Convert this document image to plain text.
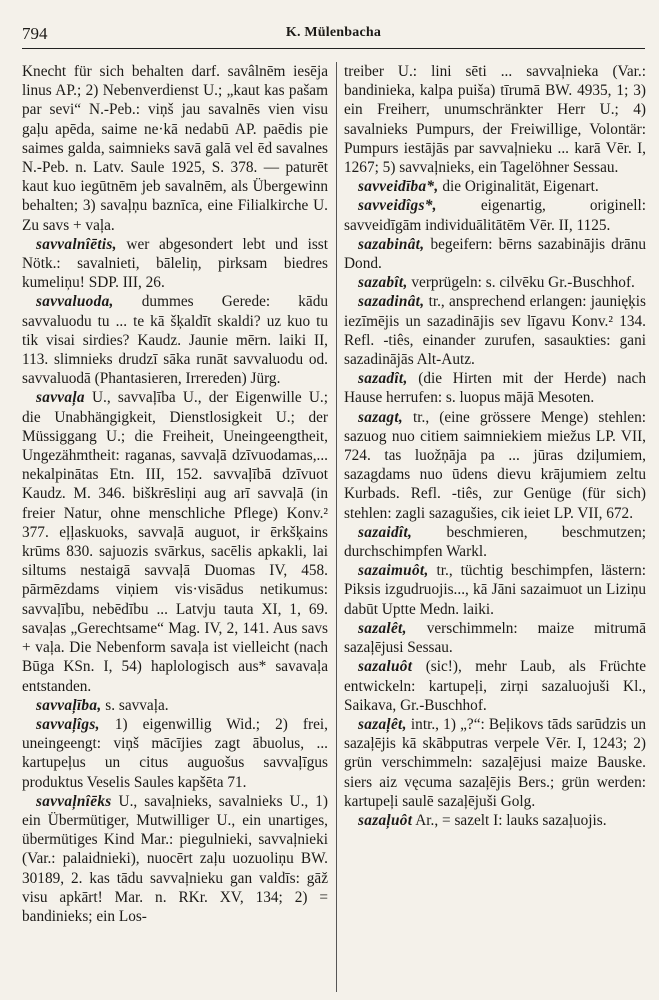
794	K. Mülenbacha

Knecht für sich behalten darf. savâlnēm iesēja linus AP.; 2) Nebenverdienst U.; „kaut kas pašam par sevi“ N.-Peb.: viņš jau savalnēs vien visu gaļu apēda, saime ne·kā nedabū AP. paēdis pie saimes galda, saimnieks savā galā vel ēd savalnes N.-Peb. n. Latv. Saule 1925, S. 378. — paturēt kaut kuo iegūtnēm jeb savalnēm, als Übergewinn behalten; 3) savaļņu baznīca, eine Filialkirche U. Zu savs + vaļa.

savvalnîētis, wer abgesondert lebt und isst Nötk.: savalnieti, bāleliņ, pirksam biedres kumeliņu! SDP. III, 26.

savvaluoda, dummes Gerede: kādu savvaluodu tu ... te kā šķaldīt skaldi? uz kuo tu tik visai sirdies? Kaudz. Jaunie mērn. laiki II, 113. slimnieks drudzī sāka runāt savvaluodu od. savvaluodā (Phantasieren, Irrereden) Jürg.

savvaļa U., savvaļība U., der Eigenwille U.; die Unabhängigkeit, Dienstlosigkeit U.; der Müssiggang U.; die Freiheit, Uneingeengtheit, Ungezähmtheit: raganas, savvaļā dzīvuodamas,... nekalpinātas Etn. III, 152. savvaļībā dzīvuot Kaudz. M. 346. biškrēsliņi aug arī savvaļā (in freier Natur, ohne menschliche Pflege) Konv.² 377. eļļaskuoks, savvaļā auguot, ir ērkšķains krūms 830. sajuozis svārkus, sacēlis apkakli, lai siltums nestaigā savvaļā Duomas IV, 458. pārmēzdams viņiem vis·visādus netikumus: savvaļību, nebēdību ... Latvju tauta XI, 1, 69. savaļas „Gerechtsame“ Mag. IV, 2, 141. Aus savs + vaļa. Die Nebenform savaļa ist vielleicht (nach Būga KSn. I, 54) haplologisch aus* savavaļa entstanden.

savvaļība, s. savvaļa.

savvaļîgs, 1) eigenwillig Wid.; 2) frei, uneingeengt: viņš mācījies zagt ābuolus, ... kartupeļus un citus auguošus savvaļīgus produktus Veselis Saules kapšēta 71.

savvaļnîēks U., savaļnieks, savalnieks U., 1) ein Übermütiger, Mutwilliger U., ein unartiges, übermütiges Kind Mar.: piegulnieki, savvaļnieki (Var.: palaidnieki), nuocērt zaļu uozuoliņu BW. 30189, 2. kas tādu savvaļnieku gan valdīs: gāž visu apkārt! Mar. n. RKr. XV, 134; 2) = bandinieks; ein Los-

treiber U.: lini sēti ... savvaļnieka (Var.: bandinieka, kalpa puiša) tīrumā BW. 4935, 1; 3) ein Freiherr, unumschränkter Herr U.; 4) savalnieks Pumpurs, der Freiwillige, Volontär: Pumpurs iestājās par savvaļnieku ... karā Vēr. I, 1267; 5) savvaļnieks, ein Tagelöhner Sessau.

savveidība*, die Originalität, Eigenart.

savveidîgs*, eigenartig, originell: savveidīgām individuālitātēm Vēr. II, 1125.

sazabinât, begeifern: bērns sazabinājis drānu Dond.

sazabît, verprügeln: s. cilvēku Gr.-Buschhof.

sazadinât, tr., ansprechend erlangen: jaunięķis iezīmējis un sazadinājis sev līgavu Konv.² 134. Refl. -tiês, einander zurufen, sasaukties: gani sazadinājās Alt-Autz.

sazadît, (die Hirten mit der Herde) nach Hause herrufen: s. luopus mājā Mesoten.

sazagt, tr., (eine grössere Menge) stehlen: sazuog nuo citiem saimniekiem miežus LP. VII, 724. tas luožņāja pa ... jūras dziļumiem, sazagdams nuo ūdens dievu krājumiem zeltu Kurbads. Refl. -tiês, zur Genüge (für sich) stehlen: zagli sazagušies, cik ieiet LP. VII, 672.

sazaidît, beschmieren, beschmutzen; durchschimpfen Warkl.

sazaimuôt, tr., tüchtig beschimpfen, lästern: Piksis izgudruojis..., kā Jāni sazaimuot un Liziņu dabūt Uptte Medn. laiki.

sazalêt, verschimmeln: maize mitrumā sazaļējusi Sessau.

sazaluôt (sic!), mehr Laub, als Früchte entwickeln: kartupeļi, zirņi sazaluojuši Kl., Saikava, Gr.-Buschhof.

sazaļêt, intr., 1) „?“: Beļikovs tāds sarūdzis un sazaļējis kā skābputras verpele Vēr. I, 1243; 2) grün verschimmeln: sazaļējusi maize Bauske. siers aiz vęcuma sazaļējis Bers.; grün werden: kartupeļi saulē sazaļējuši Golg.

sazaļuôt Ar., = sazelt I: lauks sazaļuojis.
